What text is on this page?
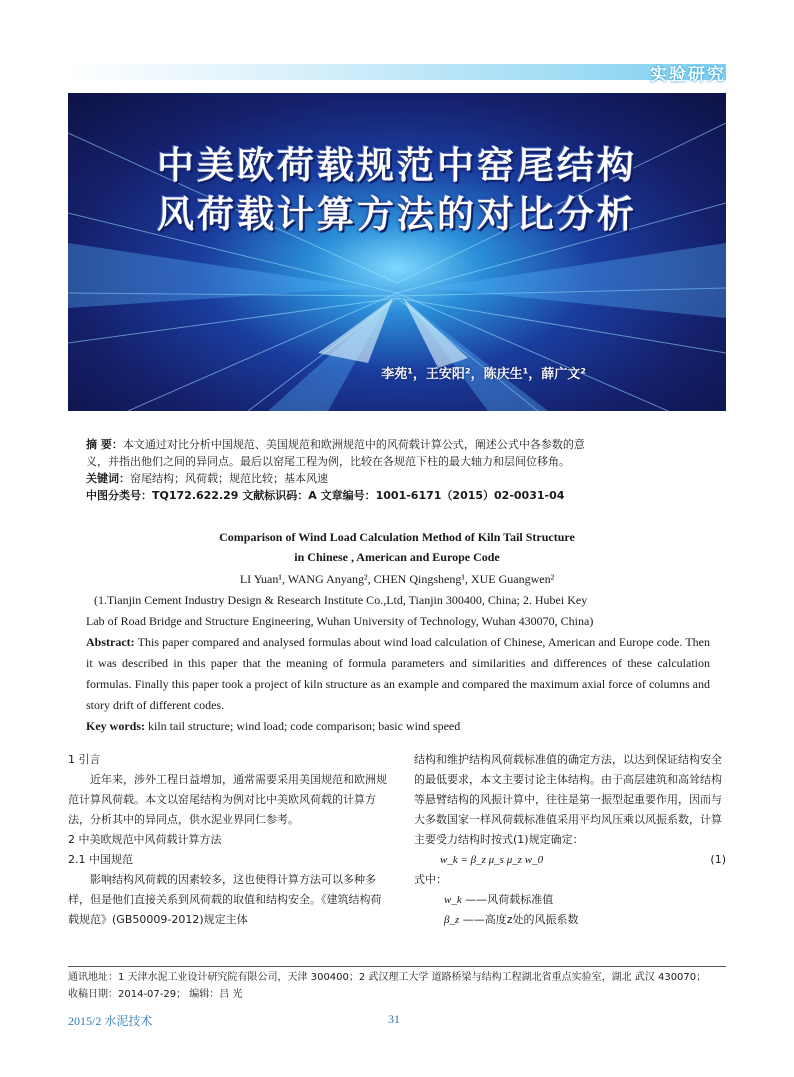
实验研究
中美欧荷载规范中窑尾结构
风荷载计算方法的对比分析
李苑¹，王安阳²，陈庆生¹，薛广文²

摘 要：本文通过对比分析中国规范、美国规范和欧洲规范中的风荷载计算公式，阐述公式中各参数的意

义，并指出他们之间的异同点。最后以窑尾工程为例，比较在各规范下柱的最大轴力和层间位移角。

关键词：窑尾结构；风荷载；规范比较；基本风速

中图分类号：TQ172.622.29 文献标识码：A 文章编号：1001-6171（2015）02-0031-04

Comparison of Wind Load Calculation Method of Kiln Tail Structure
in Chinese , American and Europe Code
LI Yuan¹, WANG Anyang², CHEN Qingsheng¹, XUE Guangwen²

(1.Tianjin Cement Industry Design & Research Institute Co.,Ltd, Tianjin 300400, China; 2. Hubei Key

Lab of Road Bridge and Structure Engineering, Wuhan University of Technology, Wuhan 430070, China)

Abstract: This paper compared and analysed formulas about wind load calculation of Chinese, American and Europe code. Then it was described in this paper that the meaning of formula parameters and similarities and differences of these calculation formulas. Finally this paper took a project of kiln structure as an example and compared the maximum axial force of columns and story drift of different codes.

Key words: kiln tail structure; wind load; code comparison; basic wind speed

1 引言

近年来，涉外工程日益增加，通常需要采用美国规范和欧洲规范计算风荷载。本文以窑尾结构为例对比中美欧风荷载的计算方法，分析其中的异同点，供水泥业界同仁参考。

2 中美欧规范中风荷载计算方法

2.1 中国规范

影响结构风荷载的因素较多，这也使得计算方法可以多种多样，但是他们直接关系到风荷载的取值和结构安全。《建筑结构荷载规范》(GB50009-2012)规定主体

结构和维护结构风荷载标准值的确定方法，以达到保证结构安全的最低要求，本文主要讨论主体结构。由于高层建筑和高耸结构等悬臂结构的风振计算中，往往是第一振型起重要作用，因而与大多数国家一样风荷载标准值采用平均风压乘以风振系数，计算主要受力结构时按式(1)规定确定：

w_k = β_z μ_s μ_z w_0	(1)

式中：

w_k ——风荷载标准值

β_z ——高度z处的风振系数

通讯地址：1 天津水泥工业设计研究院有限公司，天津 300400；2 武汉理工大学 道路桥梁与结构工程湖北省重点实验室，湖北 武汉 430070；

收稿日期：2014-07-29； 编辑：吕 光

2015/2 水泥技术	31
